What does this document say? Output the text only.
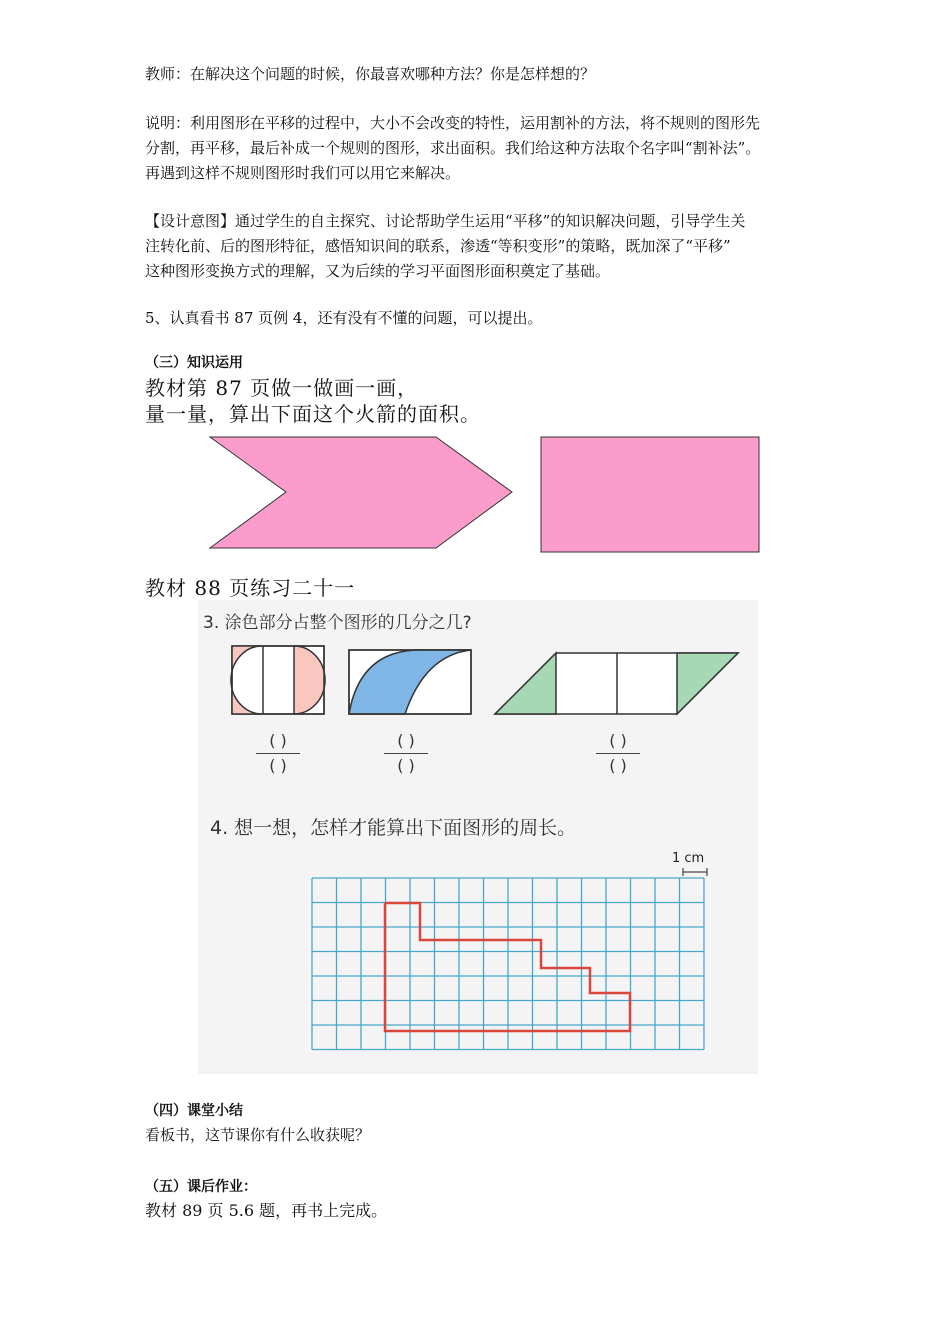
教师：在解决这个问题的时候，你最喜欢哪种方法？你是怎样想的？

说明：利用图形在平移的过程中，大小不会改变的特性，运用割补的方法，将不规则的图形先

分割，再平移，最后补成一个规则的图形，求出面积。我们给这种方法取个名字叫“割补法”。

再遇到这样不规则图形时我们可以用它来解决。

【设计意图】通过学生的自主探究、讨论帮助学生运用“平移”的知识解决问题，引导学生关

注转化前、后的图形特征，感悟知识间的联系，渗透“等积变形”的策略，既加深了“平移”

这种图形变换方式的理解，又为后续的学习平面图形面积奠定了基础。

5、认真看书 87 页例 4，还有没有不懂的问题，可以提出。

（三）知识运用

教材第 87 页做一做画一画，

量一量，算出下面这个火箭的面积。

教材 88 页练习二十一

3. 涂色部分占整个图形的几分之几?
( )
( )
( )
( )
( )
( )
4. 想一想，怎样才能算出下面图形的周长。
1 cm

（四）课堂小结

看板书，这节课你有什么收获呢？

（五）课后作业：

教材 89 页 5.6 题，再书上完成。
